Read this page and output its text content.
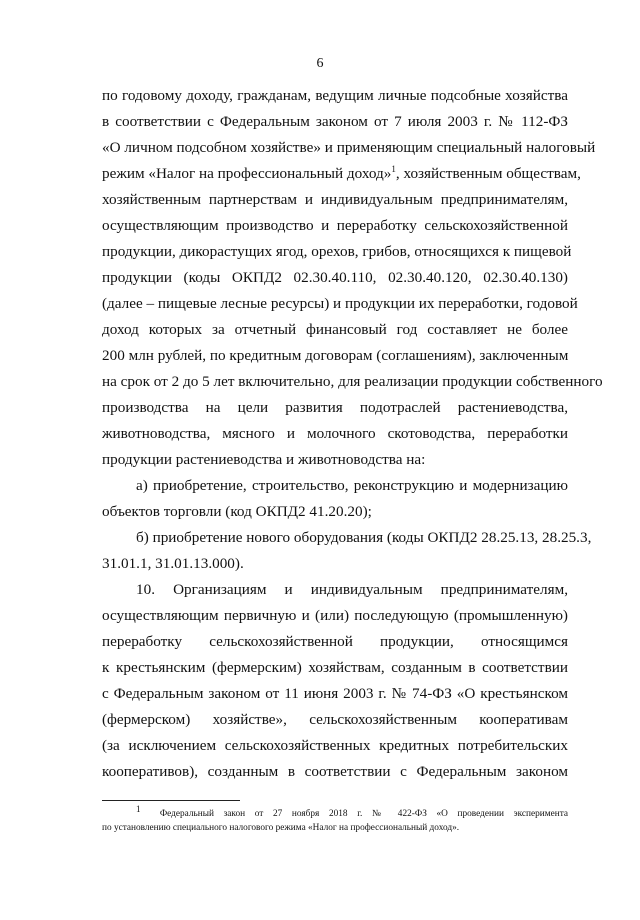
6
по годовому доходу, гражданам, ведущим личные подсобные хозяйства
в соответствии с Федеральным законом от 7 июля 2003 г. № 112-ФЗ
«О личном подсобном хозяйстве» и применяющим специальный налоговый
режим «Налог на профессиональный доход»$^1$, хозяйственным обществам,
хозяйственным партнерствам и индивидуальным предпринимателям,
осуществляющим производство и переработку сельскохозяйственной
продукции, дикорастущих ягод, орехов, грибов, относящихся к пищевой
продукции (коды ОКПД2 02.30.40.110, 02.30.40.120, 02.30.40.130)
(далее – пищевые лесные ресурсы) и продукции их переработки, годовой
доход которых за отчетный финансовый год составляет не более
200 млн рублей, по кредитным договорам (соглашениям), заключенным
на срок от 2 до 5 лет включительно, для реализации продукции собственного
производства на цели развития подотраслей растениеводства,
животноводства, мясного и молочного скотоводства, переработки
продукции растениеводства и животноводства на:
а) приобретение, строительство, реконструкцию и модернизацию
объектов торговли (код ОКПД2 41.20.20);
б) приобретение нового оборудования (коды ОКПД2 28.25.13, 28.25.3,
31.01.1, 31.01.13.000).
10. Организациям и индивидуальным предпринимателям,
осуществляющим первичную и (или) последующую (промышленную)
переработку сельскохозяйственной продукции, относящимся
к крестьянским (фермерским) хозяйствам, созданным в соответствии
с Федеральным законом от 11 июня 2003 г. № 74-ФЗ «О крестьянском
(фермерском) хозяйстве», сельскохозяйственным кооперативам
(за исключением сельскохозяйственных кредитных потребительских
кооперативов), созданным в соответствии с Федеральным законом
$^1$  Федеральный закон от 27 ноября 2018 г. № 422-ФЗ «О проведении эксперимента
по установлению специального налогового режима «Налог на профессиональный доход».
